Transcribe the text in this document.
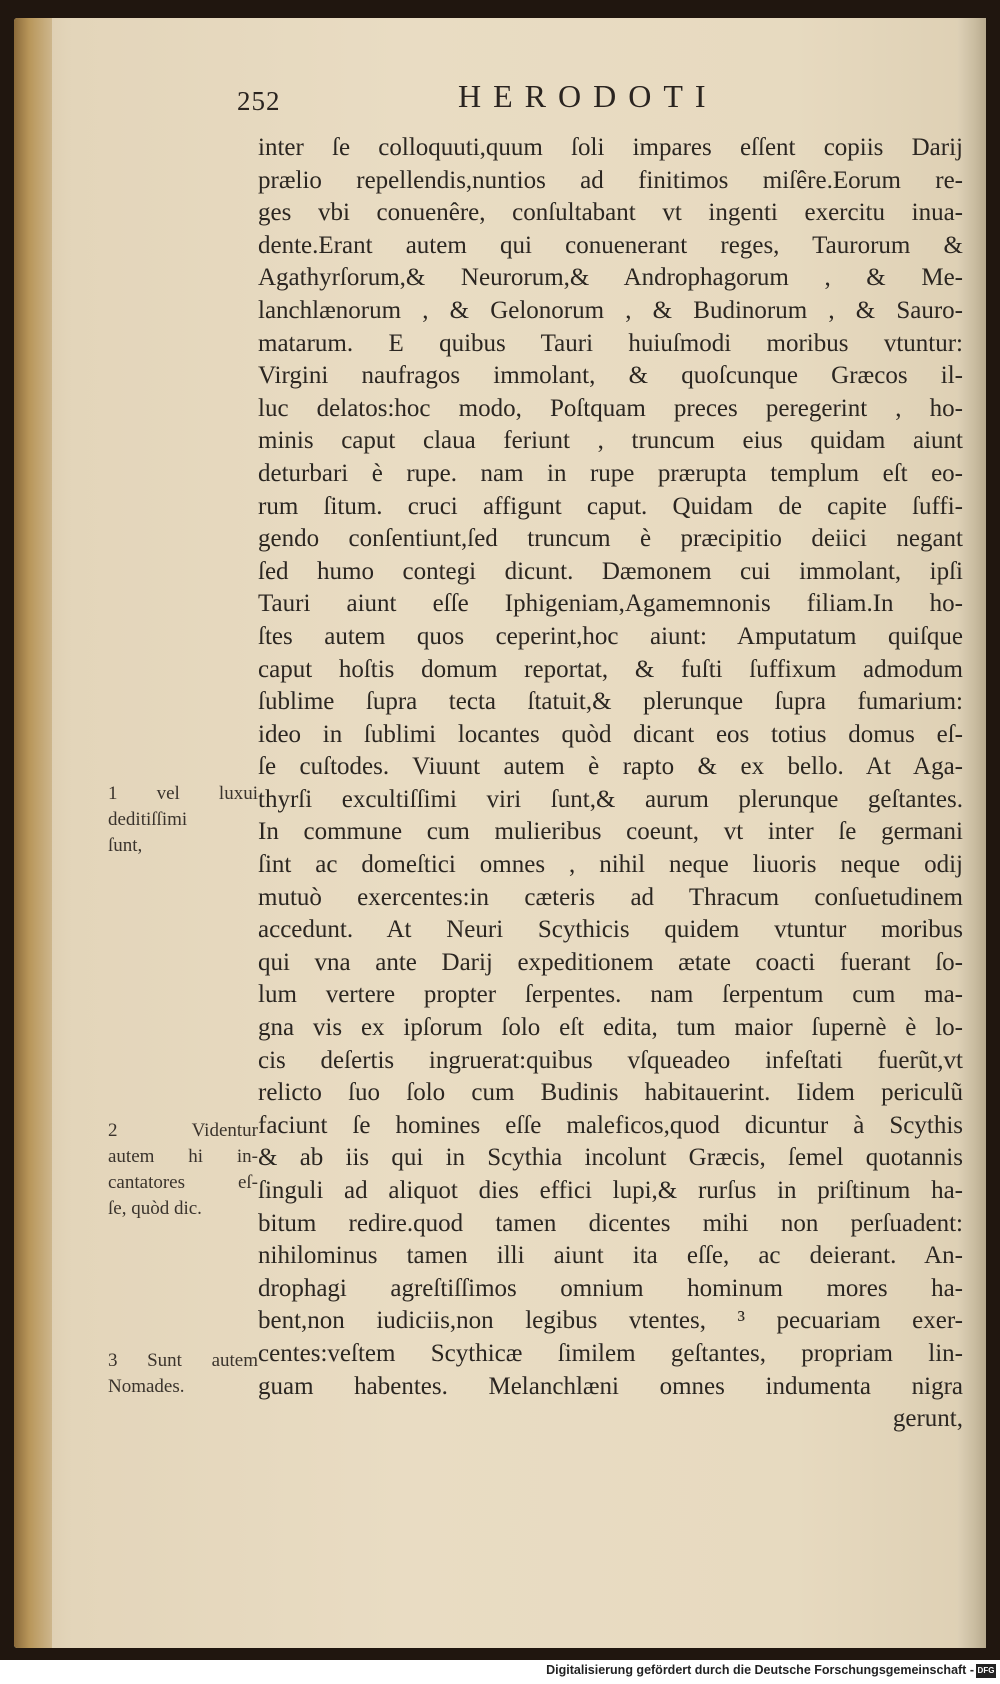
252	HERODOTI
inter ſe colloquuti,quum ſoli impares eſſent copiis Darij
prælio repellendis,nuntios ad finitimos miſêre.Eorum re-
ges vbi conuenêre, conſultabant vt ingenti exercitu inua-
dente.Erant autem qui conuenerant reges, Taurorum &
Agathyrſorum,& Neurorum,& Androphagorum , & Me-
lanchlænorum , & Gelonorum , & Budinorum , & Sauro-
matarum. E quibus Tauri huiuſmodi moribus vtuntur:
Virgini naufragos immolant, & quoſcunque Græcos il-
luc delatos:hoc modo, Poſtquam preces peregerint , ho-
minis caput claua feriunt , truncum eius quidam aiunt
deturbari è rupe. nam in rupe prærupta templum eſt eo-
rum ſitum. cruci affigunt caput. Quidam de capite ſuffi-
gendo conſentiunt,ſed truncum è præcipitio deiici negant
ſed humo contegi dicunt. Dæmonem cui immolant, ipſi
Tauri aiunt eſſe Iphigeniam,Agamemnonis filiam.In ho-
ſtes autem quos ceperint,hoc aiunt: Amputatum quiſque
caput hoſtis domum reportat, & fuſti ſuffixum admodum
ſublime ſupra tecta ſtatuit,& plerunque ſupra fumarium:
ideo in ſublimi locantes quòd dicant eos totius domus eſ-
ſe cuſtodes. Viuunt autem è rapto & ex bello. At Aga-
thyrſi excultiſſimi viri ſunt,& aurum plerunque geſtantes.
In commune cum mulieribus coeunt, vt inter ſe germani
ſint ac domeſtici omnes , nihil neque liuoris neque odij
mutuò exercentes:in cæteris ad Thracum conſuetudinem
accedunt. At Neuri Scythicis quidem vtuntur moribus
qui vna ante Darij expeditionem ætate coacti fuerant ſo-
lum vertere propter ſerpentes. nam ſerpentum cum ma-
gna vis ex ipſorum ſolo eſt edita, tum maior ſupernè è lo-
cis deſertis ingruerat:quibus vſqueadeo infeſtati fuerũt,vt
relicto ſuo ſolo cum Budinis habitauerint. Iidem periculũ
faciunt ſe homines eſſe maleficos,quod dicuntur à Scythis
& ab iis qui in Scythia incolunt Græcis, ſemel quotannis
ſinguli ad aliquot dies effici lupi,& rurſus in priſtinum ha-
bitum redire.quod tamen dicentes mihi non perſuadent:
nihilominus tamen illi aiunt ita eſſe, ac deierant. An-
drophagi agreſtiſſimos omnium hominum mores ha-
bent,non iudiciis,non legibus vtentes, ³ pecuariam exer-
centes:veſtem Scythicæ ſimilem geſtantes, propriam lin-
guam habentes. Melanchlæni omnes indumenta nigra
gerunt,
1 vel luxui
deditiſſimi
ſunt,
2 Videntur
autem hi in-
cantatores eſ-
ſe, quòd dic.
3 Sunt autem
Nomades.
Digitalisierung gefördert durch die Deutsche Forschungsgemeinschaft - DFG
